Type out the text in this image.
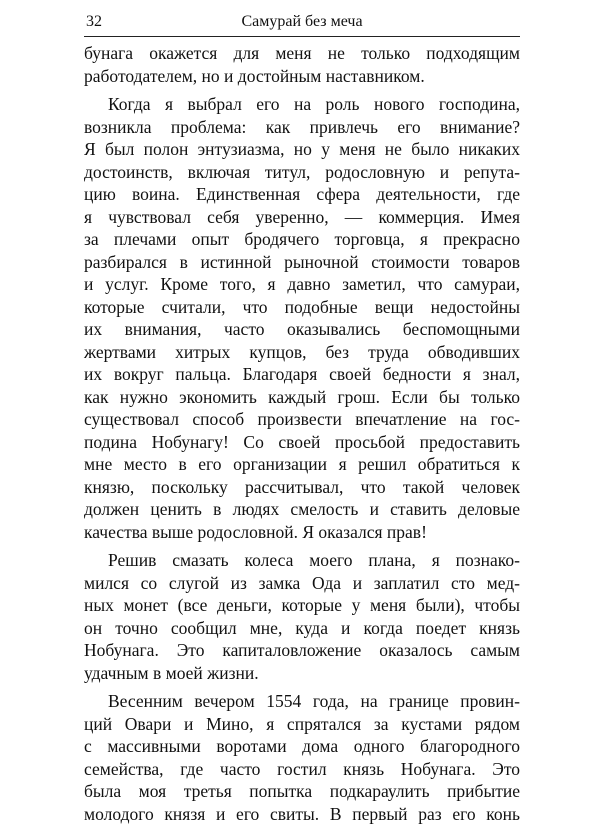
32	Самурай без меча
бунага окажется для меня не только подходящим
работодателем, но и достойным наставником.
Когда я выбрал его на роль нового господина,
возникла проблема: как привлечь его внимание?
Я был полон энтузиазма, но у меня не было никаких
достоинств, включая титул, родословную и репута-
цию воина. Единственная сфера деятельности, где
я чувствовал себя уверенно, — коммерция. Имея
за плечами опыт бродячего торговца, я прекрасно
разбирался в истинной рыночной стоимости товаров
и услуг. Кроме того, я давно заметил, что самураи,
которые считали, что подобные вещи недостойны
их внимания, часто оказывались беспомощными
жертвами хитрых купцов, без труда обводивших
их вокруг пальца. Благодаря своей бедности я знал,
как нужно экономить каждый грош. Если бы только
существовал способ произвести впечатление на гос-
подина Нобунагу! Со своей просьбой предоставить
мне место в его организации я решил обратиться к
князю, поскольку рассчитывал, что такой человек
должен ценить в людях смелость и ставить деловые
качества выше родословной. Я оказался прав!
Решив смазать колеса моего плана, я познако-
мился со слугой из замка Ода и заплатил сто мед-
ных монет (все деньги, которые у меня были), чтобы
он точно сообщил мне, куда и когда поедет князь
Нобунага. Это капиталовложение оказалось самым
удачным в моей жизни.
Весенним вечером 1554 года, на границе провин-
ций Овари и Мино, я спрятался за кустами рядом
с массивными воротами дома одного благородного
семейства, где часто гостил князь Нобунага. Это
была моя третья попытка подкараулить прибытие
молодого князя и его свиты. В первый раз его конь
